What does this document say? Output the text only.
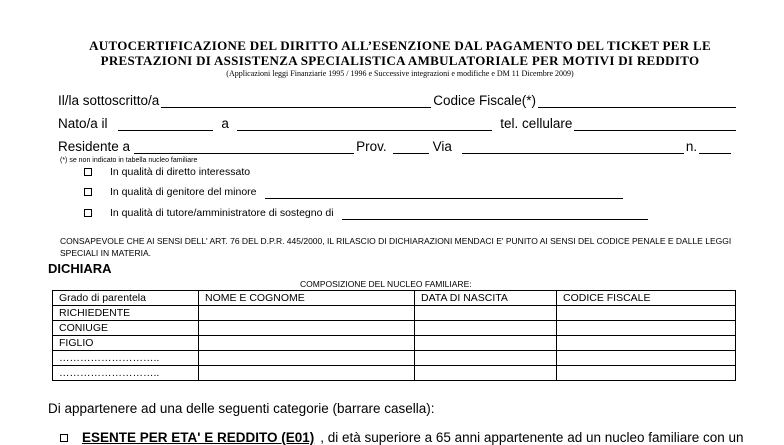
AUTOCERTIFICAZIONE DEL DIRITTO ALL’ESENZIONE DAL PAGAMENTO DEL TICKET PER LE
PRESTAZIONI DI ASSISTENZA SPECIALISTICA AMBULATORIALE PER MOTIVI DI REDDITO
(Applicazioni leggi Finanziarie 1995 / 1996 e Successive integrazioni e modifiche e DM 11 Dicembre 2009)
Il/la sottoscritto/a	Codice Fiscale(*)
Nato/a il	a	tel. cellulare
Residente a	Prov.	Via	n.
(*) se non indicato in tabella nucleo familiare
In qualità di diretto interessato
In qualità di genitore del minore
In qualità di tutore/amministratore di sostegno di
CONSAPEVOLE CHE AI SENSI DELL' ART. 76 DEL D.P.R. 445/2000, IL RILASCIO DI DICHIARAZIONI MENDACI E' PUNITO AI SENSI DEL CODICE PENALE E DALLE LEGGI SPECIALI IN MATERIA.
DICHIARA
COMPOSIZIONE DEL NUCLEO FAMILIARE:
Grado di parentela	NOME E COGNOME	DATA DI NASCITA	CODICE FISCALE
RICHIEDENTE			
CONIUGE			
FIGLIO			
………………………..			
………………………..			
Di appartenere ad una delle seguenti categorie (barrare casella):
ESENTE PER ETA' E REDDITO (E01) , di età superiore a 65 anni appartenente ad un nucleo familiare con un
